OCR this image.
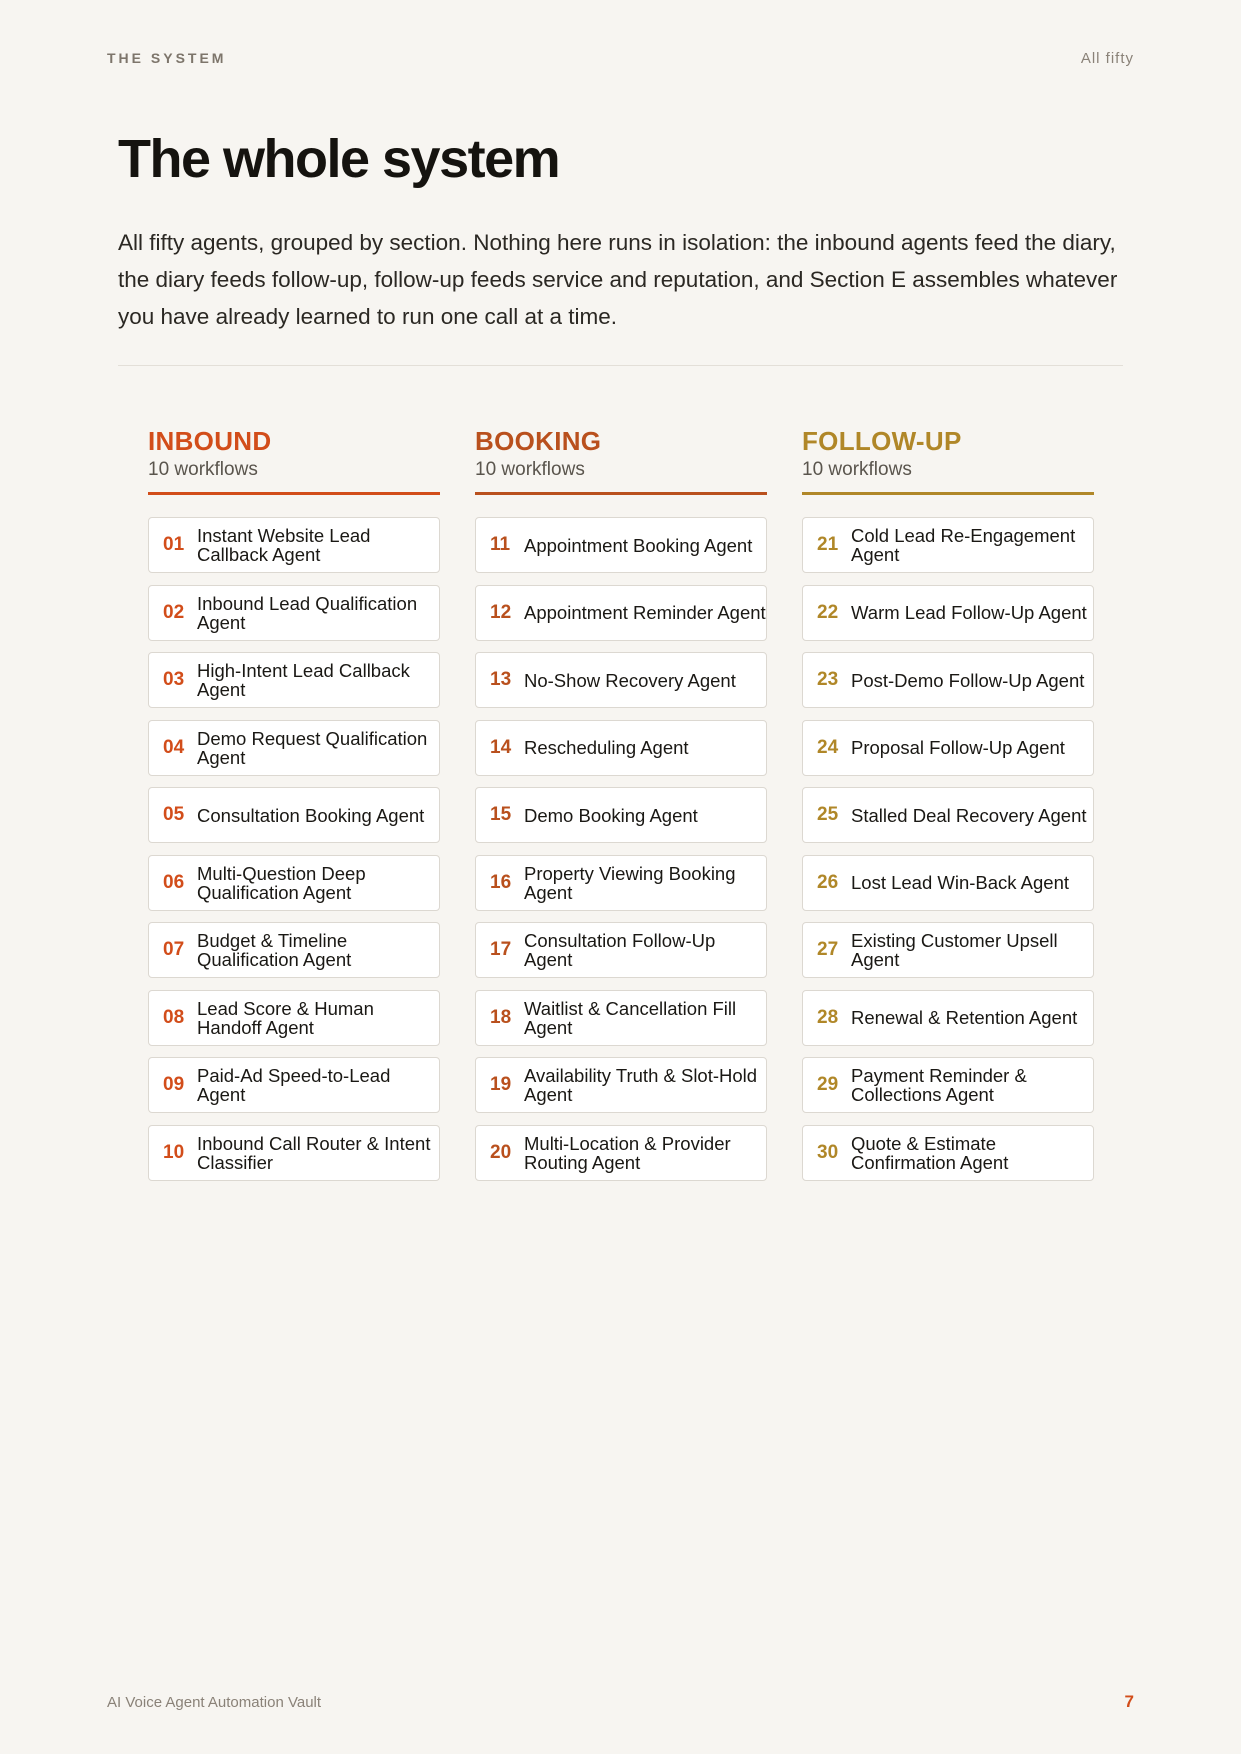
THE SYSTEM	All fifty
The whole system

All fifty agents, grouped by section. Nothing here runs in isolation: the inbound agents feed the diary, the diary feeds follow-up, follow-up feeds service and reputation, and Section E assembles whatever you have already learned to run one call at a time.

INBOUND
10 workflows
01 Instant Website Lead Callback Agent
02 Inbound Lead Qualification Agent
03 High-Intent Lead Callback Agent
04 Demo Request Qualification Agent
05 Consultation Booking Agent
06 Multi-Question Deep Qualification Agent
07 Budget & Timeline Qualification Agent
08 Lead Score & Human Handoff Agent
09 Paid-Ad Speed-to-Lead Agent
10 Inbound Call Router & Intent Classifier
BOOKING
10 workflows
11 Appointment Booking Agent
12 Appointment Reminder Agent
13 No-Show Recovery Agent
14 Rescheduling Agent
15 Demo Booking Agent
16 Property Viewing Booking Agent
17 Consultation Follow-Up Agent
18 Waitlist & Cancellation Fill Agent
19 Availability Truth & Slot-Hold Agent
20 Multi-Location & Provider Routing Agent
FOLLOW-UP
10 workflows
21 Cold Lead Re-Engagement Agent
22 Warm Lead Follow-Up Agent
23 Post-Demo Follow-Up Agent
24 Proposal Follow-Up Agent
25 Stalled Deal Recovery Agent
26 Lost Lead Win-Back Agent
27 Existing Customer Upsell Agent
28 Renewal & Retention Agent
29 Payment Reminder & Collections Agent
30 Quote & Estimate Confirmation Agent
AI Voice Agent Automation Vault	7
